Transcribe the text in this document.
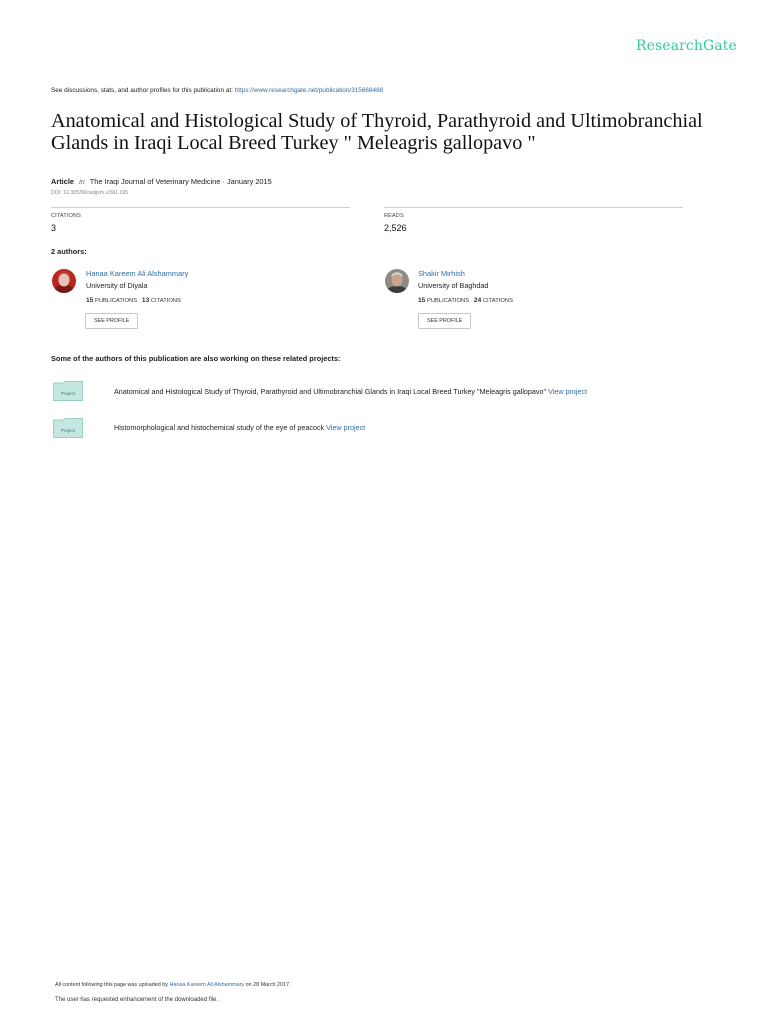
ResearchGate
See discussions, stats, and author profiles for this publication at: https://www.researchgate.net/publication/315668488
Anatomical and Histological Study of Thyroid, Parathyroid and Ultimobranchial Glands in Iraqi Local Breed Turkey " Meleagris gallopavo "
Article in The Iraqi Journal of Veterinary Medicine · January 2015
DOI: 10.30539/iraqijvm.v39i1.195
CITATIONS
3
READS
2,526
2 authors:
Hanaa Kareem Ali Alshammary
University of Diyala
15 PUBLICATIONS 13 CITATIONS
SEE PROFILE
Shakir Mirhish
University of Baghdad
15 PUBLICATIONS 24 CITATIONS
SEE PROFILE
Some of the authors of this publication are also working on these related projects:
Project	Anatomical and Histological Study of Thyroid, Parathyroid and Ultimobranchial Glands in Iraqi Local Breed Turkey "Meleagris gallopavo" View project
Project	Histomorphological and histochemical study of the eye of peacock View project
All content following this page was uploaded by Hanaa Kareem Ali Alshammary on 28 March 2017.
The user has requested enhancement of the downloaded file.
